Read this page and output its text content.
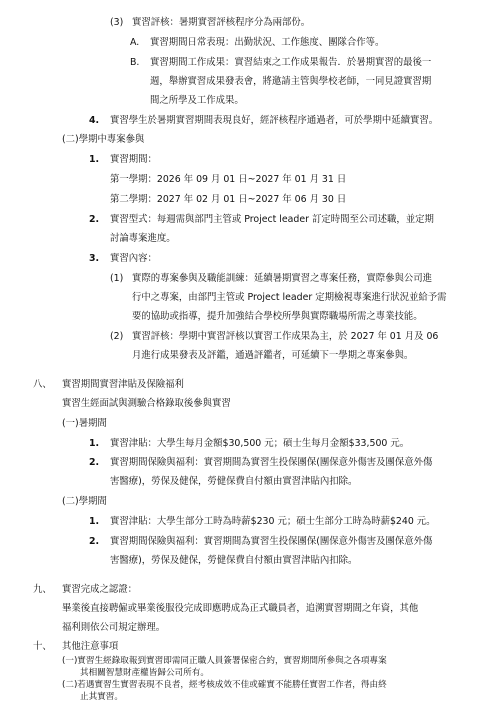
(3) 實習評核：暑期實習評核程序分為兩部份。
A. 實習期間日常表現：出勤狀況、工作態度、團隊合作等。
B. 實習期間工作成果：實習結束之工作成果報告．於暑期實習的最後一
週，舉辦實習成果發表會，將邀請主管與學校老師，一同見證實習期
間之所學及工作成果。
4. 實習學生於暑期實習期間表現良好，經評核程序通過者，可於學期中延續實習。
(二)學期中專案參與
1. 實習期間：
第一學期：2026 年 09 月 01 日~2027 年 01 月 31 日
第二學期：2027 年 02 月 01 日~2027 年 06 月 30 日
2. 實習型式：每週需與部門主管或 Project leader 訂定時間至公司述職，並定期
討論專案進度。
3. 實習內容：
(1) 實際的專案參與及職能訓練：延續暑期實習之專案任務，實際參與公司進
行中之專案，由部門主管或 Project leader 定期檢視專案進行狀況並給予需
要的協助或指導，提升加強結合學校所學與實際職場所需之專業技能。
(2) 實習評核：學期中實習評核以實習工作成果為主，於 2027 年 01 月及 06
月進行成果發表及評鑑，通過評鑑者，可延續下一學期之專案參與。
八、 實習期間實習津貼及保險福利
實習生經面試與測驗合格錄取後參與實習
(一)暑期間
1. 實習津貼：大學生每月金額$30,500 元；碩士生每月金額$33,500 元。
2. 實習期間保險與福利：實習期間為實習生投保團保(團保意外傷害及團保意外傷
害醫療)，勞保及健保，勞健保費自付額由實習津貼內扣除。
(二)學期間
1. 實習津貼：大學生部分工時為時薪$230 元；碩士生部分工時為時薪$240 元。
2. 實習期間保險與福利：實習期間為實習生投保團保(團保意外傷害及團保意外傷
害醫療)，勞保及健保，勞健保費自付額由實習津貼內扣除。
九、 實習完成之認證：
畢業後直接聘僱或畢業後服役完成即應聘成為正式職員者，追溯實習期間之年資，其他
福利則依公司規定辦理。
十、 其他注意事項
(一)實習生經錄取報到實習即需同正職人員簽署保密合約，實習期間所參與之各項專案
其相關智慧財產權皆歸公司所有。
(二)若遇實習生實習表現不良者，經考核成效不佳或確實不能勝任實習工作者，得由終
止其實習。
